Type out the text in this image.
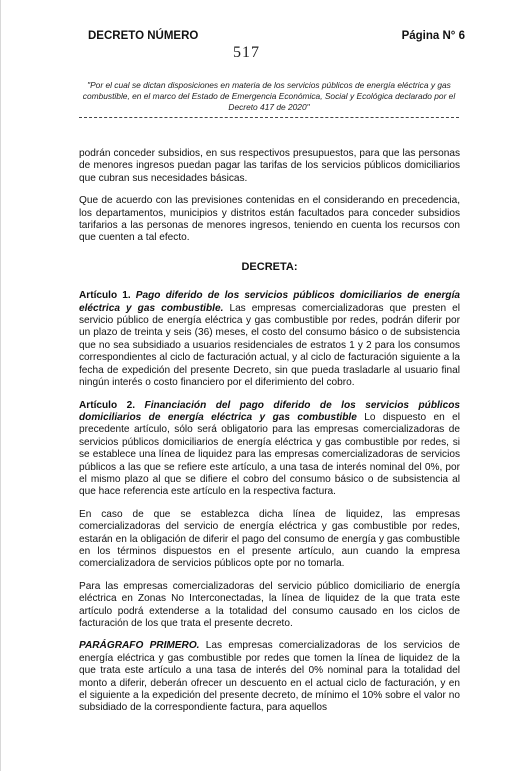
DECRETO NÚMERO	Página N° 6
517
"Por el cual se dictan disposiciones en materia de los servicios públicos de energía eléctrica y gas combustible, en el marco del Estado de Emergencia Económica, Social y Ecológica declarado por el Decreto 417 de 2020"

podrán conceder subsidios, en sus respectivos presupuestos, para que las personas de menores ingresos puedan pagar las tarifas de los servicios públicos domiciliarios que cubran sus necesidades básicas.

Que de acuerdo con las previsiones contenidas en el considerando en precedencia, los departamentos, municipios y distritos están facultados para conceder subsidios tarifarios a las personas de menores ingresos, teniendo en cuenta los recursos con que cuenten a tal efecto.

DECRETA:

Artículo 1. Pago diferido de los servicios públicos domiciliarios de energía eléctrica y gas combustible. Las empresas comercializadoras que presten el servicio público de energía eléctrica y gas combustible por redes, podrán diferir por un plazo de treinta y seis (36) meses, el costo del consumo básico o de subsistencia que no sea subsidiado a usuarios residenciales de estratos 1 y 2 para los consumos correspondientes al ciclo de facturación actual, y al ciclo de facturación siguiente a la fecha de expedición del presente Decreto, sin que pueda trasladarle al usuario final ningún interés o costo financiero por el diferimiento del cobro.

Artículo 2. Financiación del pago diferido de los servicios públicos domiciliarios de energía eléctrica y gas combustible Lo dispuesto en el precedente artículo, sólo será obligatorio para las empresas comercializadoras de servicios públicos domiciliarios de energía eléctrica y gas combustible por redes, si se establece una línea de liquidez para las empresas comercializadoras de servicios públicos a las que se refiere este artículo, a una tasa de interés nominal del 0%, por el mismo plazo al que se difiere el cobro del consumo básico o de subsistencia al que hace referencia este artículo en la respectiva factura.

En caso de que se establezca dicha línea de liquidez, las empresas comercializadoras del servicio de energía eléctrica y gas combustible por redes, estarán en la obligación de diferir el pago del consumo de energía y gas combustible en los términos dispuestos en el presente artículo, aun cuando la empresa comercializadora de servicios públicos opte por no tomarla.

Para las empresas comercializadoras del servicio público domiciliario de energía eléctrica en Zonas No Interconectadas, la línea de liquidez de la que trata este artículo podrá extenderse a la totalidad del consumo causado en los ciclos de facturación de los que trata el presente decreto.

PARÁGRAFO PRIMERO. Las empresas comercializadoras de los servicios de energía eléctrica y gas combustible por redes que tomen la línea de liquidez de la que trata este artículo a una tasa de interés del 0% nominal para la totalidad del monto a diferir, deberán ofrecer un descuento en el actual ciclo de facturación, y en el siguiente a la expedición del presente decreto, de mínimo el 10% sobre el valor no subsidiado de la correspondiente factura, para aquellos
